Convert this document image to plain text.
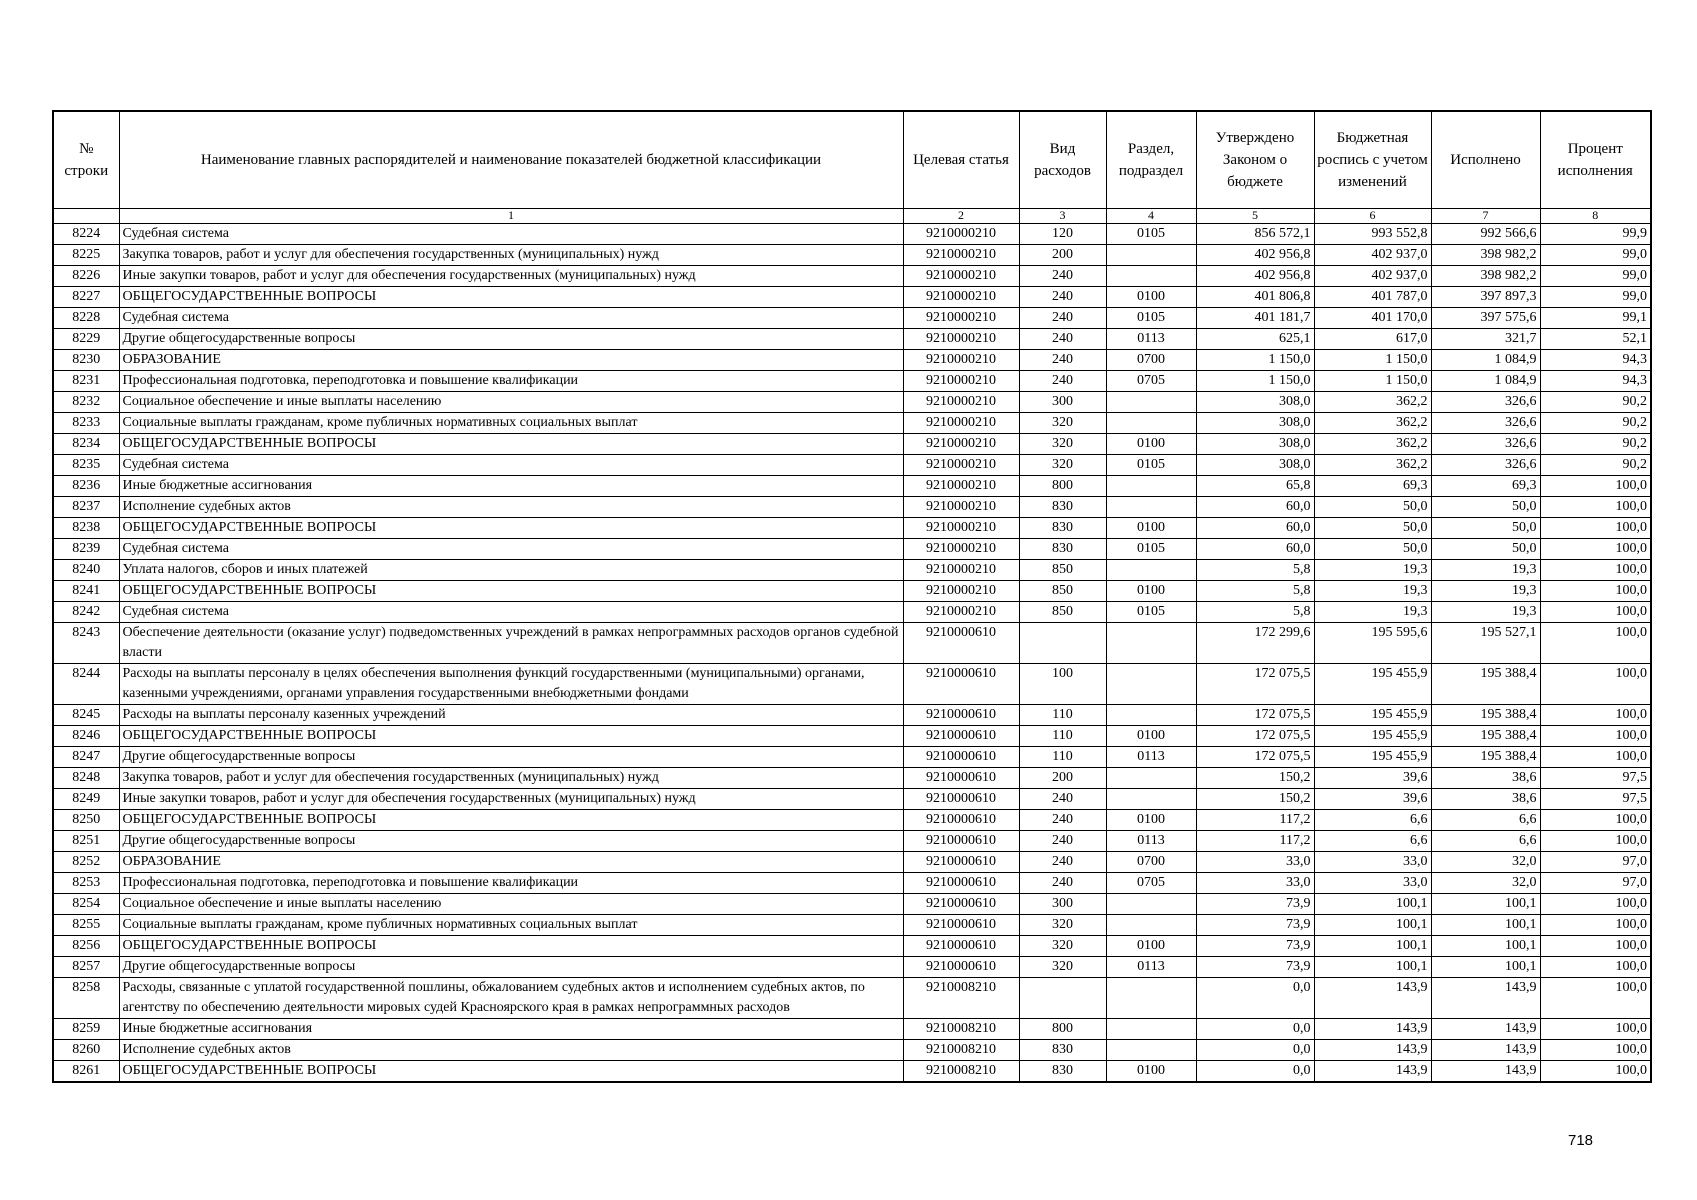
№ строки	Наименование главных распорядителей и наименование показателей бюджетной классификации	Целевая статья	Вид расходов	Раздел, подраздел	Утверждено Законом о бюджете	Бюджетная роспись с учетом изменений	Исполнено	Процент исполнения
	1	2	3	4	5	6	7	8
8224	Судебная система	9210000210	120	0105	856 572,1	993 552,8	992 566,6	99,9
8225	Закупка товаров, работ и услуг для обеспечения государственных (муниципальных) нужд	9210000210	200		402 956,8	402 937,0	398 982,2	99,0
8226	Иные закупки товаров, работ и услуг для обеспечения государственных (муниципальных) нужд	9210000210	240		402 956,8	402 937,0	398 982,2	99,0
8227	ОБЩЕГОСУДАРСТВЕННЫЕ ВОПРОСЫ	9210000210	240	0100	401 806,8	401 787,0	397 897,3	99,0
8228	Судебная система	9210000210	240	0105	401 181,7	401 170,0	397 575,6	99,1
8229	Другие общегосударственные вопросы	9210000210	240	0113	625,1	617,0	321,7	52,1
8230	ОБРАЗОВАНИЕ	9210000210	240	0700	1 150,0	1 150,0	1 084,9	94,3
8231	Профессиональная подготовка, переподготовка и повышение квалификации	9210000210	240	0705	1 150,0	1 150,0	1 084,9	94,3
8232	Социальное обеспечение и иные выплаты населению	9210000210	300		308,0	362,2	326,6	90,2
8233	Социальные выплаты гражданам, кроме публичных нормативных социальных выплат	9210000210	320		308,0	362,2	326,6	90,2
8234	ОБЩЕГОСУДАРСТВЕННЫЕ ВОПРОСЫ	9210000210	320	0100	308,0	362,2	326,6	90,2
8235	Судебная система	9210000210	320	0105	308,0	362,2	326,6	90,2
8236	Иные бюджетные ассигнования	9210000210	800		65,8	69,3	69,3	100,0
8237	Исполнение судебных актов	9210000210	830		60,0	50,0	50,0	100,0
8238	ОБЩЕГОСУДАРСТВЕННЫЕ ВОПРОСЫ	9210000210	830	0100	60,0	50,0	50,0	100,0
8239	Судебная система	9210000210	830	0105	60,0	50,0	50,0	100,0
8240	Уплата налогов, сборов и иных платежей	9210000210	850		5,8	19,3	19,3	100,0
8241	ОБЩЕГОСУДАРСТВЕННЫЕ ВОПРОСЫ	9210000210	850	0100	5,8	19,3	19,3	100,0
8242	Судебная система	9210000210	850	0105	5,8	19,3	19,3	100,0
8243	Обеспечение деятельности (оказание услуг) подведомственных учреждений в рамках непрограммных расходов органов судебной власти	9210000610			172 299,6	195 595,6	195 527,1	100,0
8244	Расходы на выплаты персоналу в целях обеспечения выполнения функций государственными (муниципальными) органами, казенными учреждениями, органами управления государственными внебюджетными фондами	9210000610	100		172 075,5	195 455,9	195 388,4	100,0
8245	Расходы на выплаты персоналу казенных учреждений	9210000610	110		172 075,5	195 455,9	195 388,4	100,0
8246	ОБЩЕГОСУДАРСТВЕННЫЕ ВОПРОСЫ	9210000610	110	0100	172 075,5	195 455,9	195 388,4	100,0
8247	Другие общегосударственные вопросы	9210000610	110	0113	172 075,5	195 455,9	195 388,4	100,0
8248	Закупка товаров, работ и услуг для обеспечения государственных (муниципальных) нужд	9210000610	200		150,2	39,6	38,6	97,5
8249	Иные закупки товаров, работ и услуг для обеспечения государственных (муниципальных) нужд	9210000610	240		150,2	39,6	38,6	97,5
8250	ОБЩЕГОСУДАРСТВЕННЫЕ ВОПРОСЫ	9210000610	240	0100	117,2	6,6	6,6	100,0
8251	Другие общегосударственные вопросы	9210000610	240	0113	117,2	6,6	6,6	100,0
8252	ОБРАЗОВАНИЕ	9210000610	240	0700	33,0	33,0	32,0	97,0
8253	Профессиональная подготовка, переподготовка и повышение квалификации	9210000610	240	0705	33,0	33,0	32,0	97,0
8254	Социальное обеспечение и иные выплаты населению	9210000610	300		73,9	100,1	100,1	100,0
8255	Социальные выплаты гражданам, кроме публичных нормативных социальных выплат	9210000610	320		73,9	100,1	100,1	100,0
8256	ОБЩЕГОСУДАРСТВЕННЫЕ ВОПРОСЫ	9210000610	320	0100	73,9	100,1	100,1	100,0
8257	Другие общегосударственные вопросы	9210000610	320	0113	73,9	100,1	100,1	100,0
8258	Расходы, связанные с уплатой государственной пошлины, обжалованием судебных актов и исполнением судебных актов, по агентству по обеспечению деятельности мировых судей Красноярского края в рамках непрограммных расходов	9210008210			0,0	143,9	143,9	100,0
8259	Иные бюджетные ассигнования	9210008210	800		0,0	143,9	143,9	100,0
8260	Исполнение судебных актов	9210008210	830		0,0	143,9	143,9	100,0
8261	ОБЩЕГОСУДАРСТВЕННЫЕ ВОПРОСЫ	9210008210	830	0100	0,0	143,9	143,9	100,0
718
